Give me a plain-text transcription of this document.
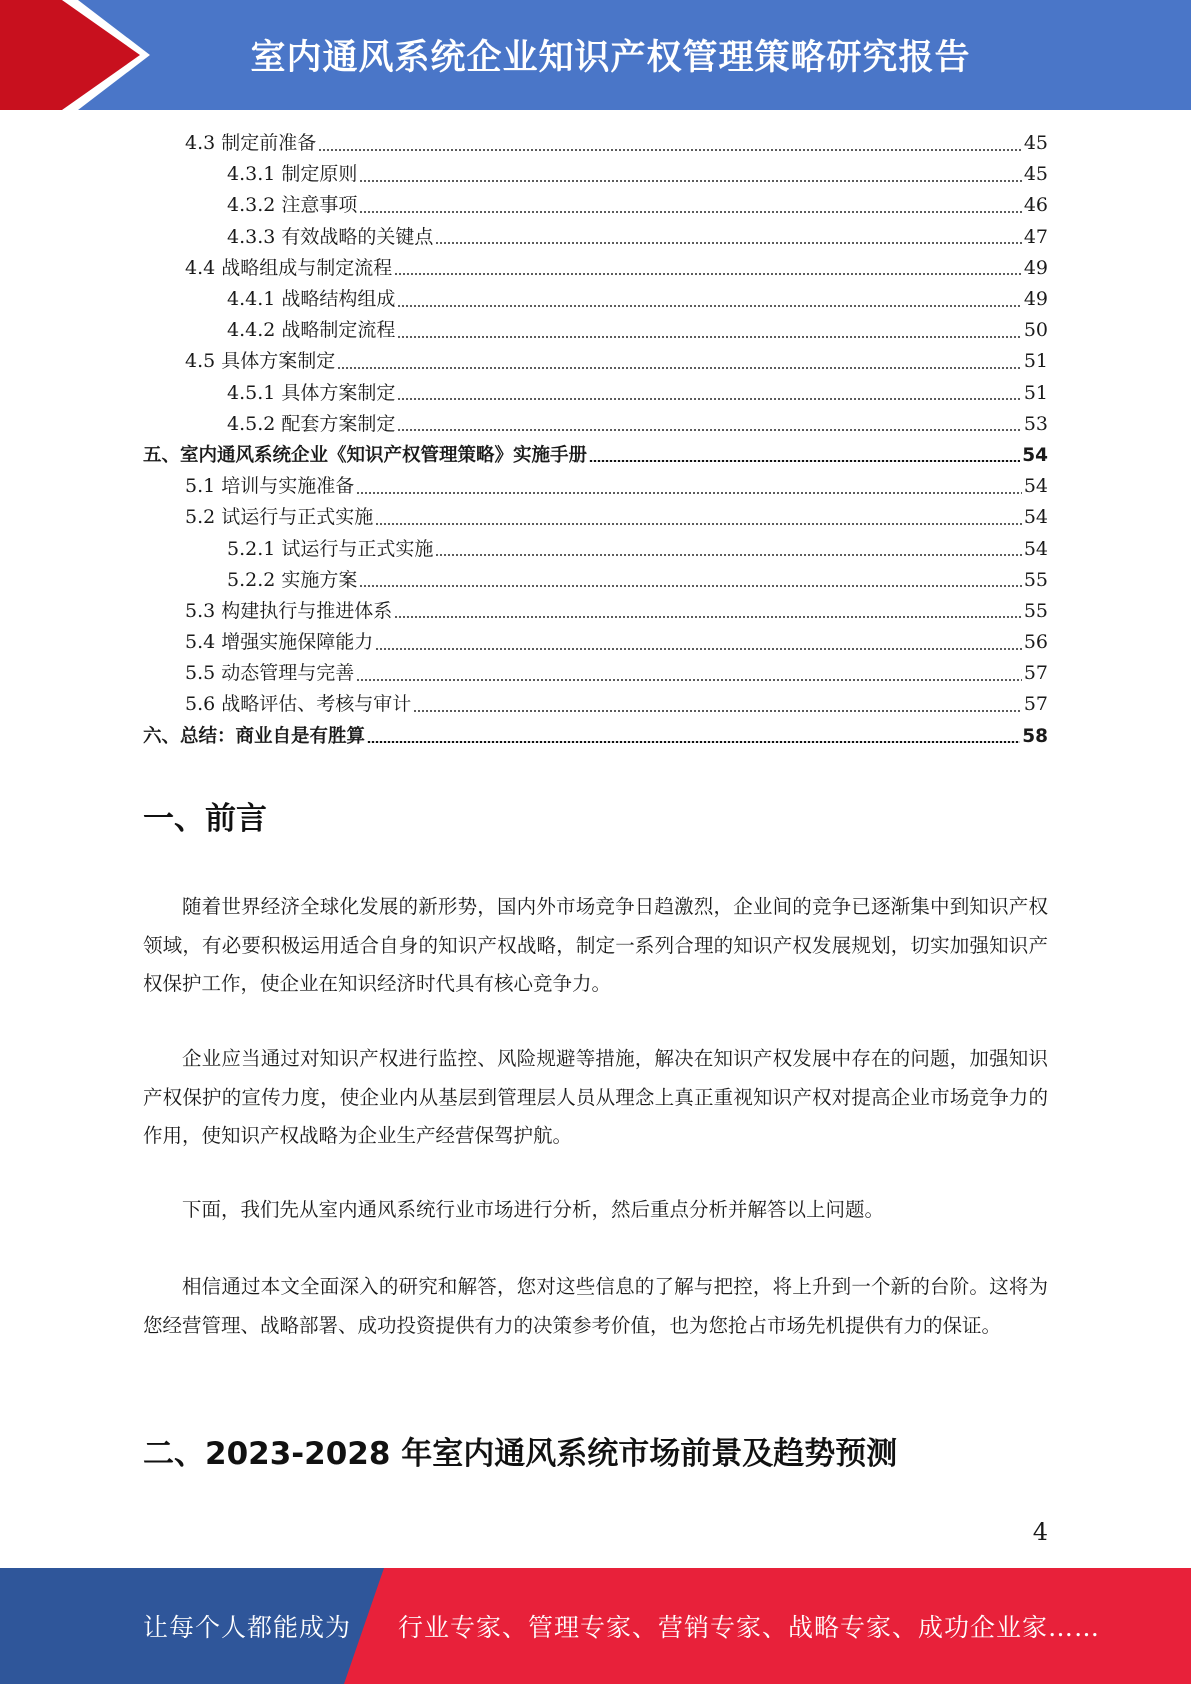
室内通风系统企业知识产权管理策略研究报告
4.3 制定前准备	45
4.3.1 制定原则	45
4.3.2 注意事项	46
4.3.3 有效战略的关键点	47
4.4 战略组成与制定流程	49
4.4.1 战略结构组成	49
4.4.2 战略制定流程	50
4.5 具体方案制定	51
4.5.1 具体方案制定	51
4.5.2 配套方案制定	53
五、室内通风系统企业《知识产权管理策略》实施手册	54
5.1 培训与实施准备	54
5.2 试运行与正式实施	54
5.2.1 试运行与正式实施	54
5.2.2 实施方案	55
5.3 构建执行与推进体系	55
5.4 增强实施保障能力	56
5.5 动态管理与完善	57
5.6 战略评估、考核与审计	57
六、总结：商业自是有胜算	58
一、前言

随着世界经济全球化发展的新形势，国内外市场竞争日趋激烈，企业间的竞争已逐渐集中到知识产权领域，有必要积极运用适合自身的知识产权战略，制定一系列合理的知识产权发展规划，切实加强知识产权保护工作，使企业在知识经济时代具有核心竞争力。

企业应当通过对知识产权进行监控、风险规避等措施，解决在知识产权发展中存在的问题，加强知识产权保护的宣传力度，使企业内从基层到管理层人员从理念上真正重视知识产权对提高企业市场竞争力的作用，使知识产权战略为企业生产经营保驾护航。

下面，我们先从室内通风系统行业市场进行分析，然后重点分析并解答以上问题。

相信通过本文全面深入的研究和解答，您对这些信息的了解与把控，将上升到一个新的台阶。这将为您经营管理、战略部署、成功投资提供有力的决策参考价值，也为您抢占市场先机提供有力的保证。

二、2023-2028 年室内通风系统市场前景及趋势预测
4
让每个人都能成为 行业专家、管理专家、营销专家、战略专家、成功企业家……
